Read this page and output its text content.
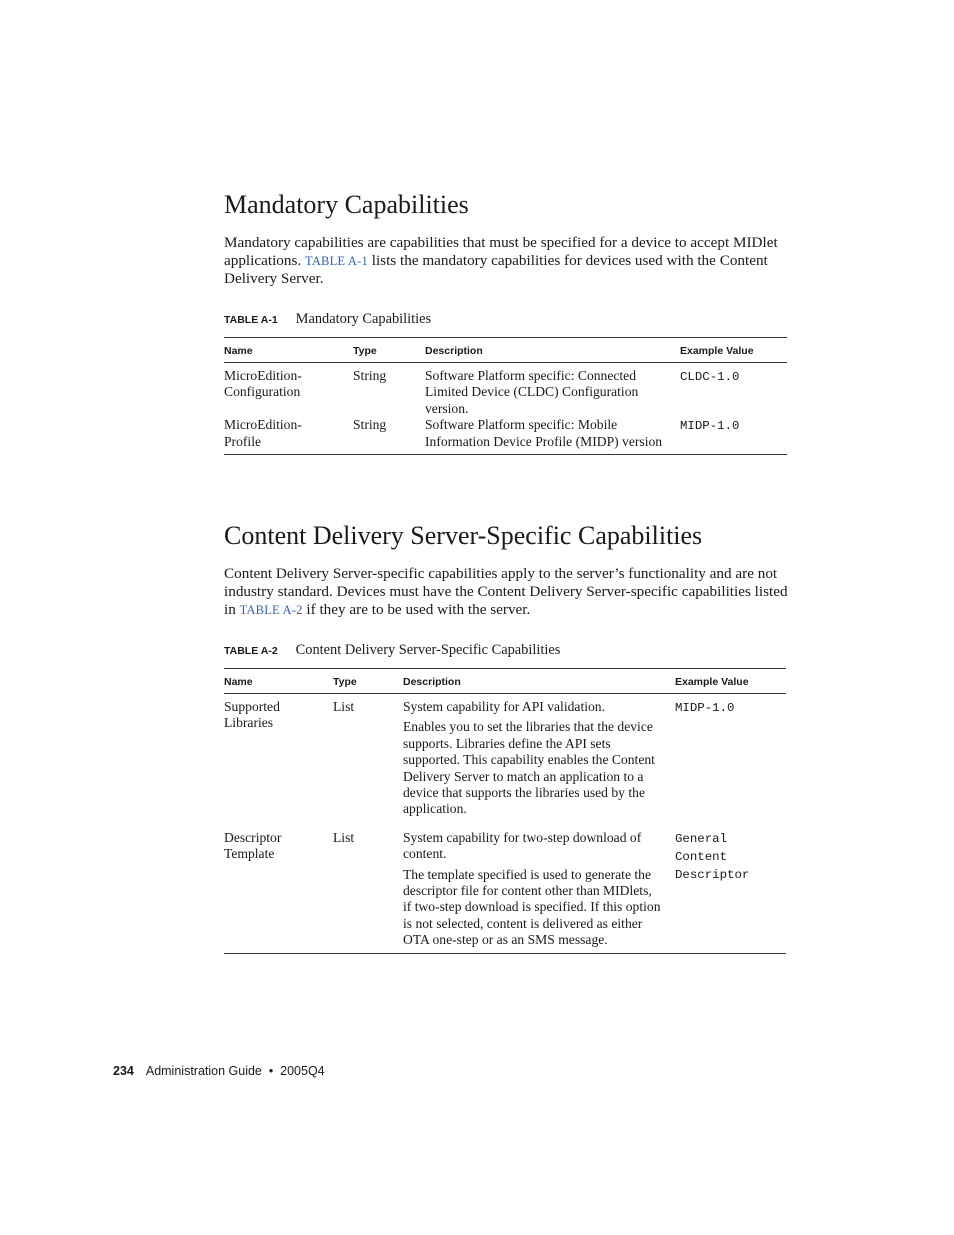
Mandatory Capabilities

Mandatory capabilities are capabilities that must be specified for a device to accept MIDlet applications. TABLE A-1 lists the mandatory capabilities for devices used with the Content Delivery Server.

TABLE A-1 Mandatory Capabilities
Name	Type	Description	Example Value
MicroEdition-Configuration	String	Software Platform specific: Connected Limited Device (CLDC) Configuration version.	CLDC-1.0
MicroEdition-Profile	String	Software Platform specific: Mobile Information Device Profile (MIDP) version	MIDP-1.0
Content Delivery Server-Specific Capabilities

Content Delivery Server-specific capabilities apply to the server’s functionality and are not industry standard. Devices must have the Content Delivery Server-specific capabilities listed in TABLE A-2 if they are to be used with the server.

TABLE A-2 Content Delivery Server-Specific Capabilities
Name	Type	Description	Example Value
Supported Libraries	List	System capability for API validation.

Enables you to set the libraries that the device supports. Libraries define the API sets supported. This capability enables the Content Delivery Server to match an application to a device that supports the libraries used by the application.	MIDP-1.0
Descriptor Template	List	System capability for two-step download of content.

The template specified is used to generate the descriptor file for content other than MIDlets, if two-step download is specified. If this option is not selected, content is delivered as either OTA one-step or as an SMS message.	General Content Descriptor
234 Administration Guide  •  2005Q4
